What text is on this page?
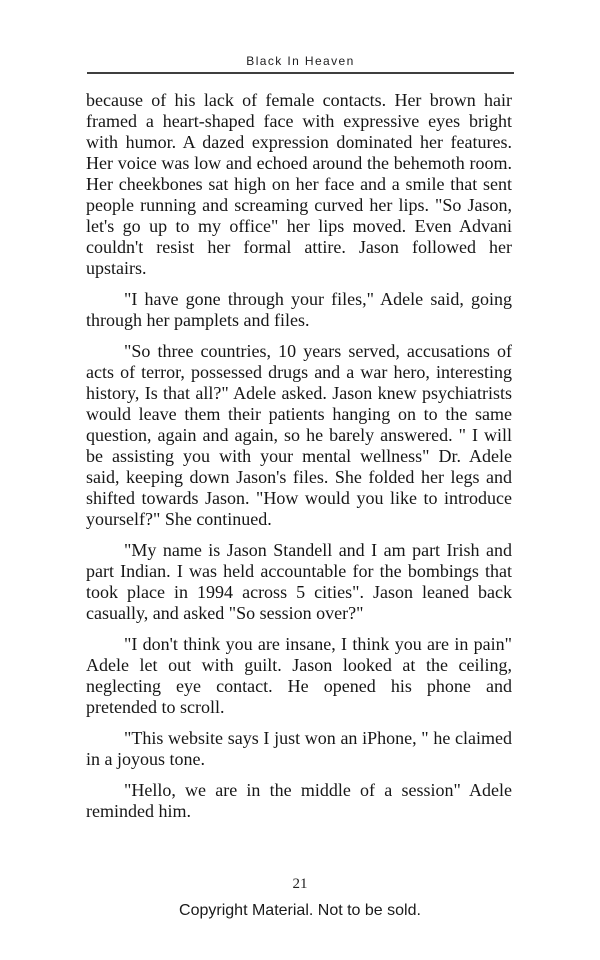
Black In Heaven

because of his lack of female contacts. Her brown hair framed a heart-shaped face with expressive eyes bright with humor. A dazed expression dominated her features. Her voice was low and echoed around the behemoth room. Her cheekbones sat high on her face and a smile that sent people running and screaming curved her lips. "So Jason, let's go up to my office" her lips moved. Even Advani couldn't resist her formal attire. Jason followed her upstairs.

"I have gone through your files," Adele said, going through her pamplets and files.

"So three countries, 10 years served, accusations of acts of terror, possessed drugs and a war hero, interesting history, Is that all?" Adele asked. Jason knew psychiatrists would leave them their patients hanging on to the same question, again and again, so he barely answered. " I will be assisting you with your mental wellness" Dr. Adele said, keeping down Jason's files. She folded her legs and shifted towards Jason. "How would you like to introduce yourself?" She continued.

"My name is Jason Standell and I am part Irish and part Indian. I was held accountable for the bombings that took place in 1994 across 5 cities". Jason leaned back casually, and asked "So session over?"

"I don't think you are insane, I think you are in pain" Adele let out with guilt. Jason looked at the ceiling, neglecting eye contact. He opened his phone and pretended to scroll.

"This website says I just won an iPhone, " he claimed in a joyous tone.

"Hello, we are in the middle of a session" Adele reminded him.

21
Copyright Material. Not to be sold.
